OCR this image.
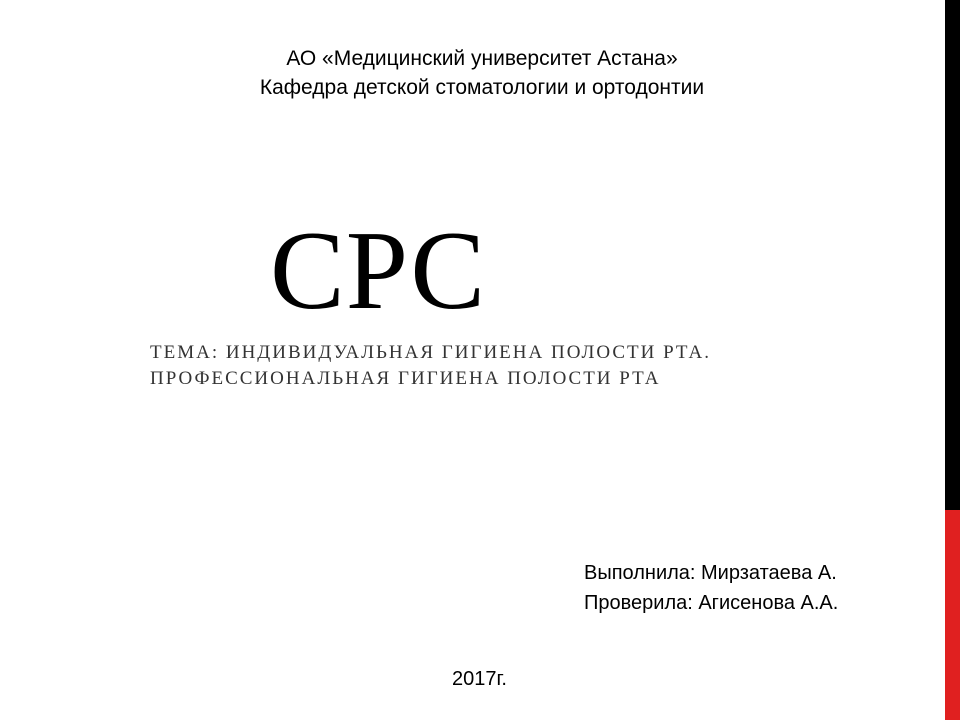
АО «Медицинский университет Астана»
Кафедра детской стоматологии и ортодонтии
СРС
ТЕМА: ИНДИВИДУАЛЬНАЯ ГИГИЕНА ПОЛОСТИ РТА.
ПРОФЕССИОНАЛЬНАЯ ГИГИЕНА ПОЛОСТИ РТА
Выполнила: Мирзатаева А.
Проверила: Агисенова А.А.
2017г.
